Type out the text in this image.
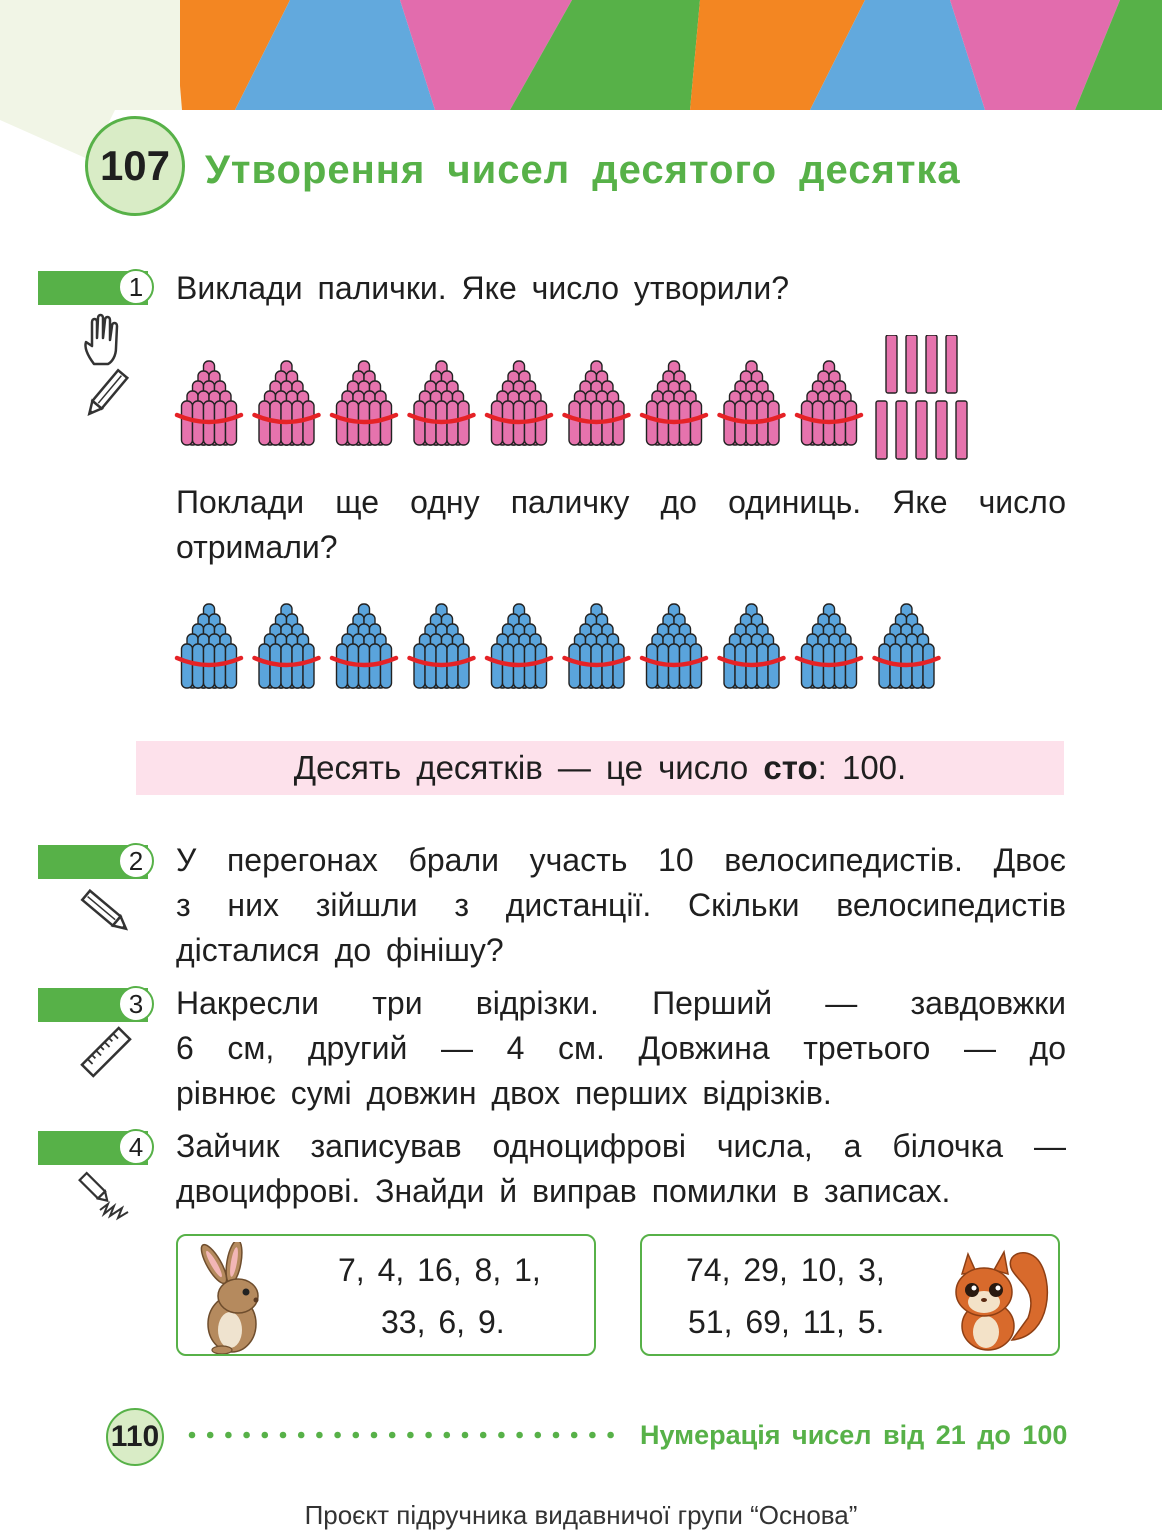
107 Утворення чисел десятого десятка
1 Виклади палички. Яке число утворили?
Поклади ще одну паличку до одиниць. Яке число
отримали?
Десять десятків — це число сто: 100.
2 У перегонах брали участь 10 велосипедистів. Двоє
з них зійшли з дистанції. Скільки велосипедистів
дісталися до фінішу?
3 Накресли три відрізки. Перший — завдовжки
6 см, другий — 4 см. Довжина третього — до
рівнює сумі довжин двох перших відрізків.
4 Зайчик записував одноцифрові числа, а білочка —
двоцифрові. Знайди й виправ помилки в записах.
7, 4, 16, 8, 1,
33, 6, 9.
74, 29, 10, 3,
51, 69, 11, 5.
110	Нумерація чисел від 21 до 100
Проєкт підручника видавничої групи “Основа”
